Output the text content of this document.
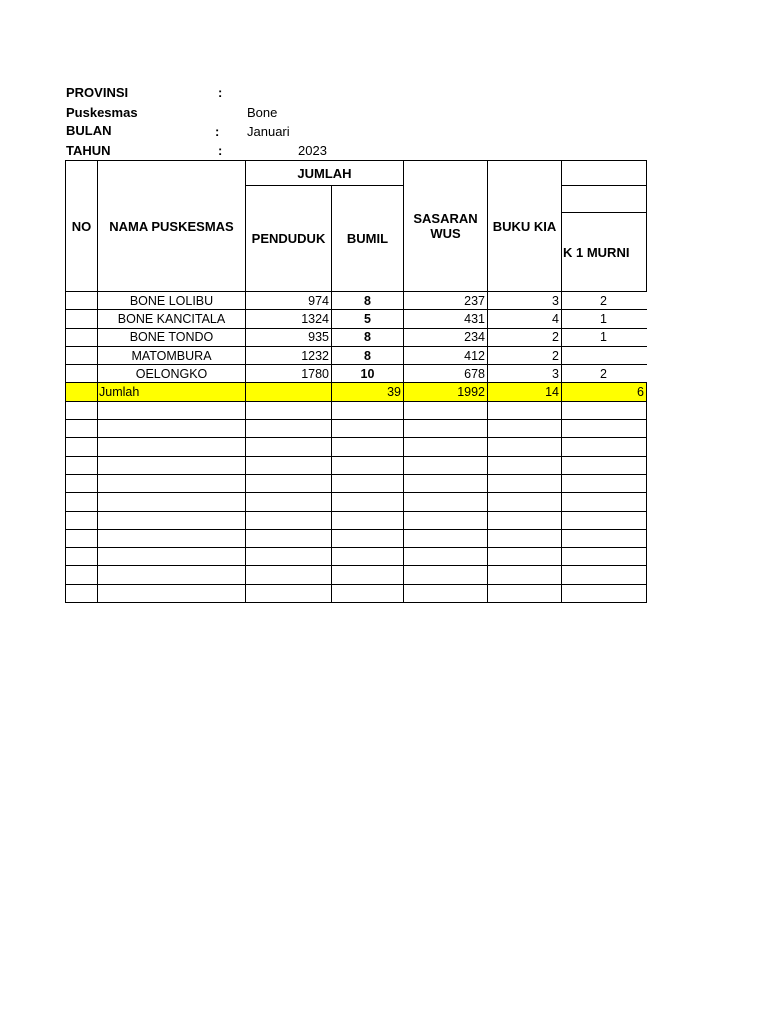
PROVINSI	:
Puskesmas	Bone
BULAN	: Januari
TAHUN	:	2023
NO	NAMA PUSKESMAS	JUMLAH		SASARAN WUS	BUKU KIA	
		PENDUDUK	BUMIL			
						K 1 MURNI
	BONE LOLIBU	974	8	237	3	2
	BONE KANCITALA	1324	5	431	4	1
	BONE TONDO	935	8	234	2	1
	MATOMBURA	1232	8	412	2	
	OELONGKO	1780	10	678	3	2
	Jumlah		39	1992	14	6
